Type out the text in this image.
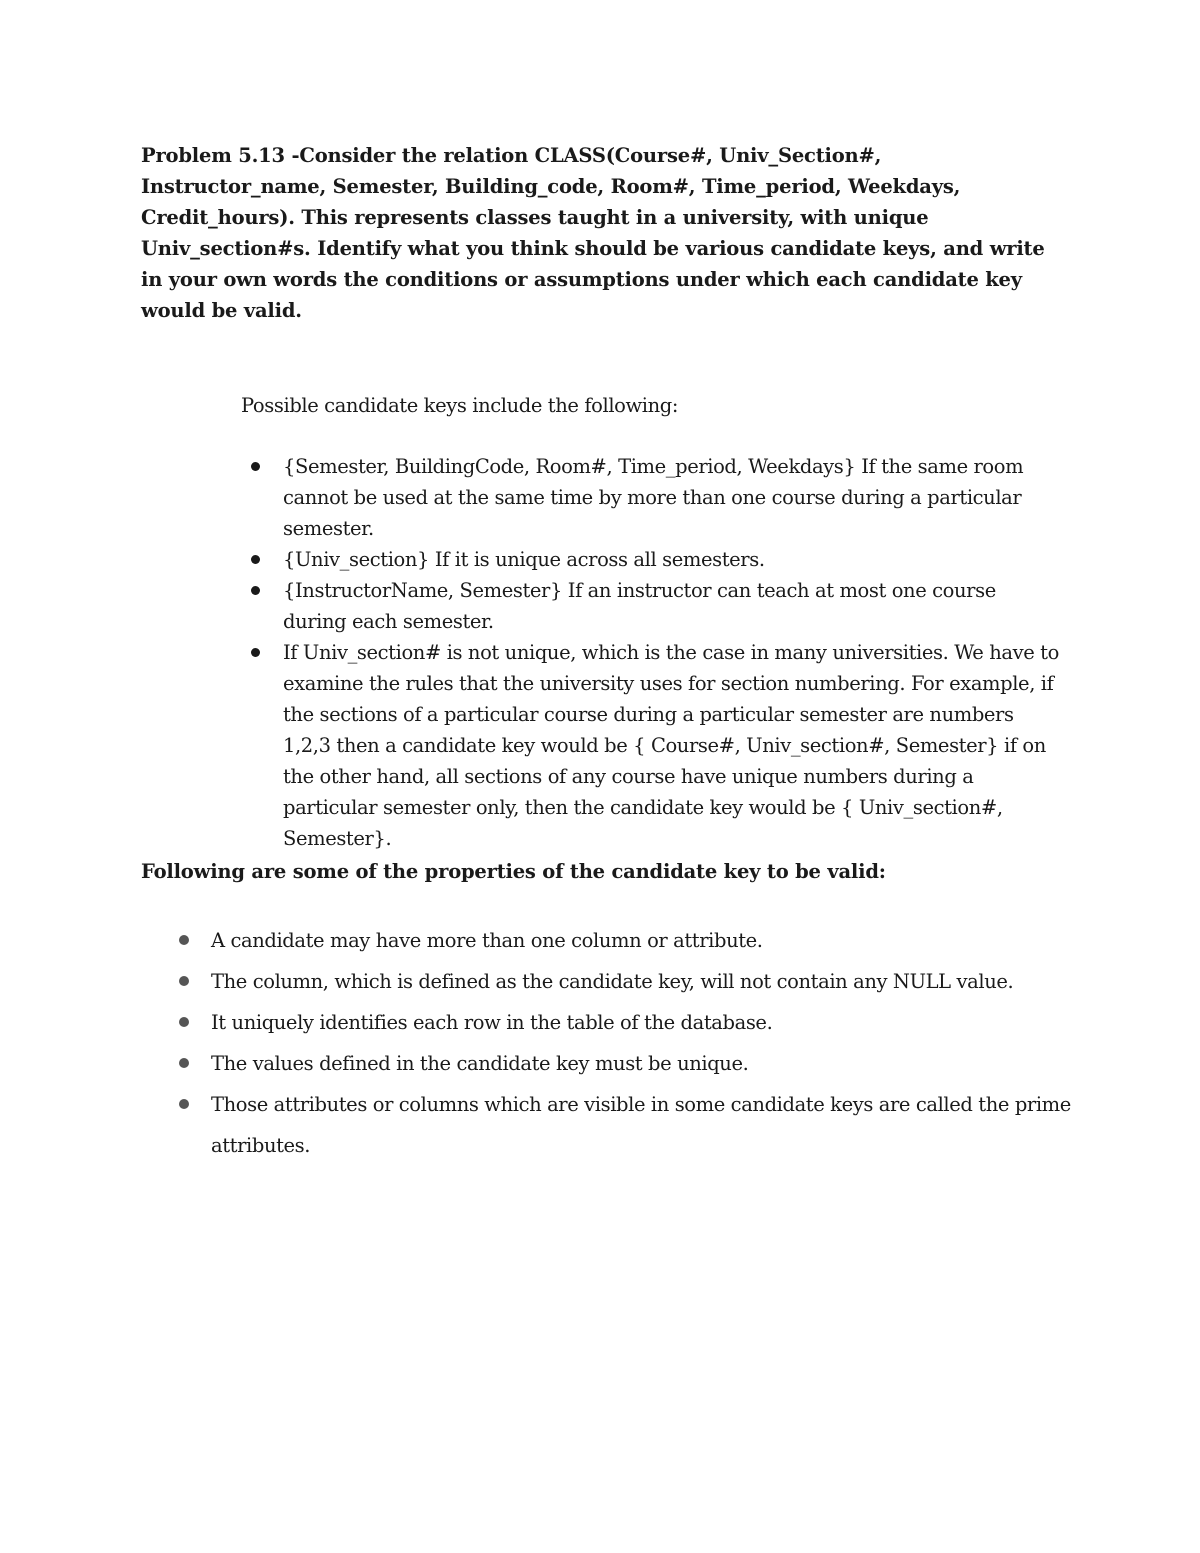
Problem 5.13 -Consider the relation CLASS(Course#, Univ_Section#, Instructor_name, Semester, Building_code, Room#, Time_period, Weekdays, Credit_hours). This represents classes taught in a university, with unique Univ_section#s. Identify what you think should be various candidate keys, and write in your own words the conditions or assumptions under which each candidate key would be valid.

Possible candidate keys include the following:

{Semester, BuildingCode, Room#, Time_period, Weekdays} If the same room cannot be used at the same time by more than one course during a particular semester.
{Univ_section} If it is unique across all semesters.
{InstructorName, Semester} If an instructor can teach at most one course during each semester.
If Univ_section# is not unique, which is the case in many universities. We have to examine the rules that the university uses for section numbering. For example, if the sections of a particular course during a particular semester are numbers 1,2,3 then a candidate key would be { Course#, Univ_section#, Semester} if on the other hand, all sections of any course have unique numbers during a particular semester only, then the candidate key would be { Univ_section#, Semester}.

Following are some of the properties of the candidate key to be valid:

A candidate may have more than one column or attribute.
The column, which is defined as the candidate key, will not contain any NULL value.
It uniquely identifies each row in the table of the database.
The values defined in the candidate key must be unique.
Those attributes or columns which are visible in some candidate keys are called the prime attributes.
